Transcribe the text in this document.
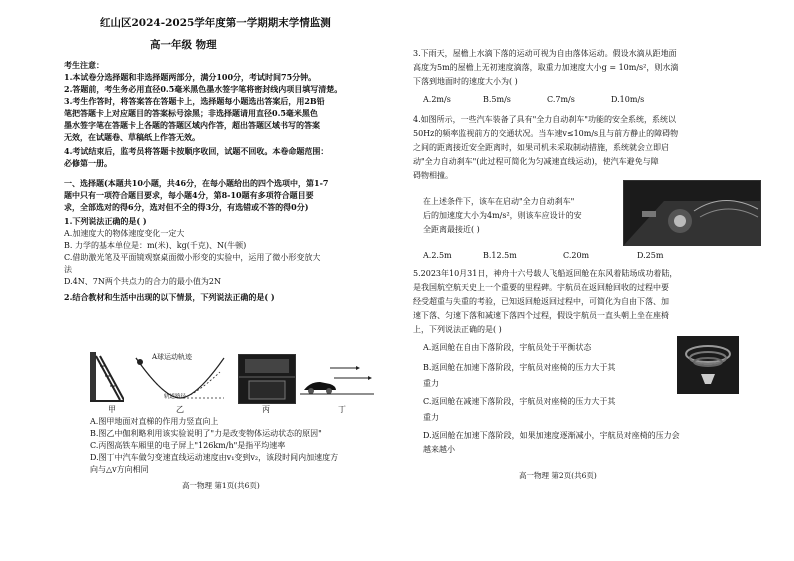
红山区2024-2025学年度第一学期期末学情监测
高一年级 物理
考生注意：
1.本试卷分选择题和非选择题两部分，满分100分，考试时间75分钟。
2.答题前，考生务必用直径0.5毫米黑色墨水签字笔将密封线内项目填写清楚。
3.考生作答时，将答案答在答题卡上，选择题每小题选出答案后，用2B铅
笔把答题卡上对应题目的答案标号涂黑；非选择题请用直径0.5毫米黑色
墨水签字笔在答题卡上各题的答题区域内作答，超出答题区域书写的答案
无效，在试题卷、草稿纸上作答无效。
4.考试结束后，监考员将答题卡按顺序收回，试题不回收。本卷命题范围：
必修第一册。
一、选择题(本题共10小题，共46分，在每小题给出的四个选项中，第1-7
题中只有一项符合题目要求，每小题4分，第8-10题有多项符合题目要
求，全部选对的得6分，选对但不全的得3分，有选错或不答的得0分)
1.下列说法正确的是( )
A.加速度大的物体速度变化一定大
B. 力学的基本单位是：m(米)、kg(千克)、N(牛顿)
C.借助激光笔及平面镜观察桌面微小形变的实验中，运用了微小形变放大
法
D.4N、7N两个共点力的合力的最小值为2N
2.结合教材和生活中出现的以下情景，下列说法正确的是( )
A球运动轨迹
轨道路径
甲	乙	丙	丁
A.图甲地面对直梯的作用力竖直向上
B.图乙中伽利略利用该实验说明了"力是改变物体运动状态的原因"
C.丙图高铁车厢里的电子屏上"126km/h"是指平均速率
D.图丁中汽车做匀变速直线运动速度由v₁变到v₂，该段时间内加速度方
向与△v方向相同
高一物理 第1页(共6页)
3.下雨天，屋檐上水滴下落的运动可视为自由落体运动。假设水滴从距地面
高度为5m的屋檐上无初速度滴落，取重力加速度大小g = 10m/s²，则水滴
下落到地面时的速度大小为( )
A.2m/s	B.5m/s	C.7m/s	D.10m/s
4.如图所示，一些汽车装备了具有"全力自动刹车"功能的安全系统，系统以
50Hz的频率监视前方的交通状况。当车速v≤10m/s且与前方静止的障碍物
之间的距离接近安全距离时，如果司机未采取制动措施，系统就会立即启
动"全力自动刹车"(此过程可简化为匀减速直线运动)，使汽车避免与障
碍物相撞。
在上述条件下，该车在启动"全力自动刹车"
后的加速度大小为4m/s²，则该车应设计的安
全距离最接近( )
A.2.5m	B.12.5m	C.20m	D.25m
5.2023年10月31日，神舟十六号载人飞船返回舱在东风着陆场成功着陆，
是我国航空航天史上一个重要的里程碑。宇航员在返回舱回收的过程中要
经受超重与失重的考验，已知返回舱返回过程中，可简化为自由下落、加
速下落、匀速下落和减速下落四个过程，假设宇航员一直头朝上坐在座椅
上，下列说法正确的是( )
A.返回舱在自由下落阶段，宇航员处于平衡状态
B.返回舱在加速下落阶段，宇航员对座椅的压力大于其
重力
C.返回舱在减速下落阶段，宇航员对座椅的压力大于其
重力
D.返回舱在加速下落阶段，如果加速度逐渐减小，宇航员对座椅的压力会
越来越小
高一物理 第2页(共6页)
